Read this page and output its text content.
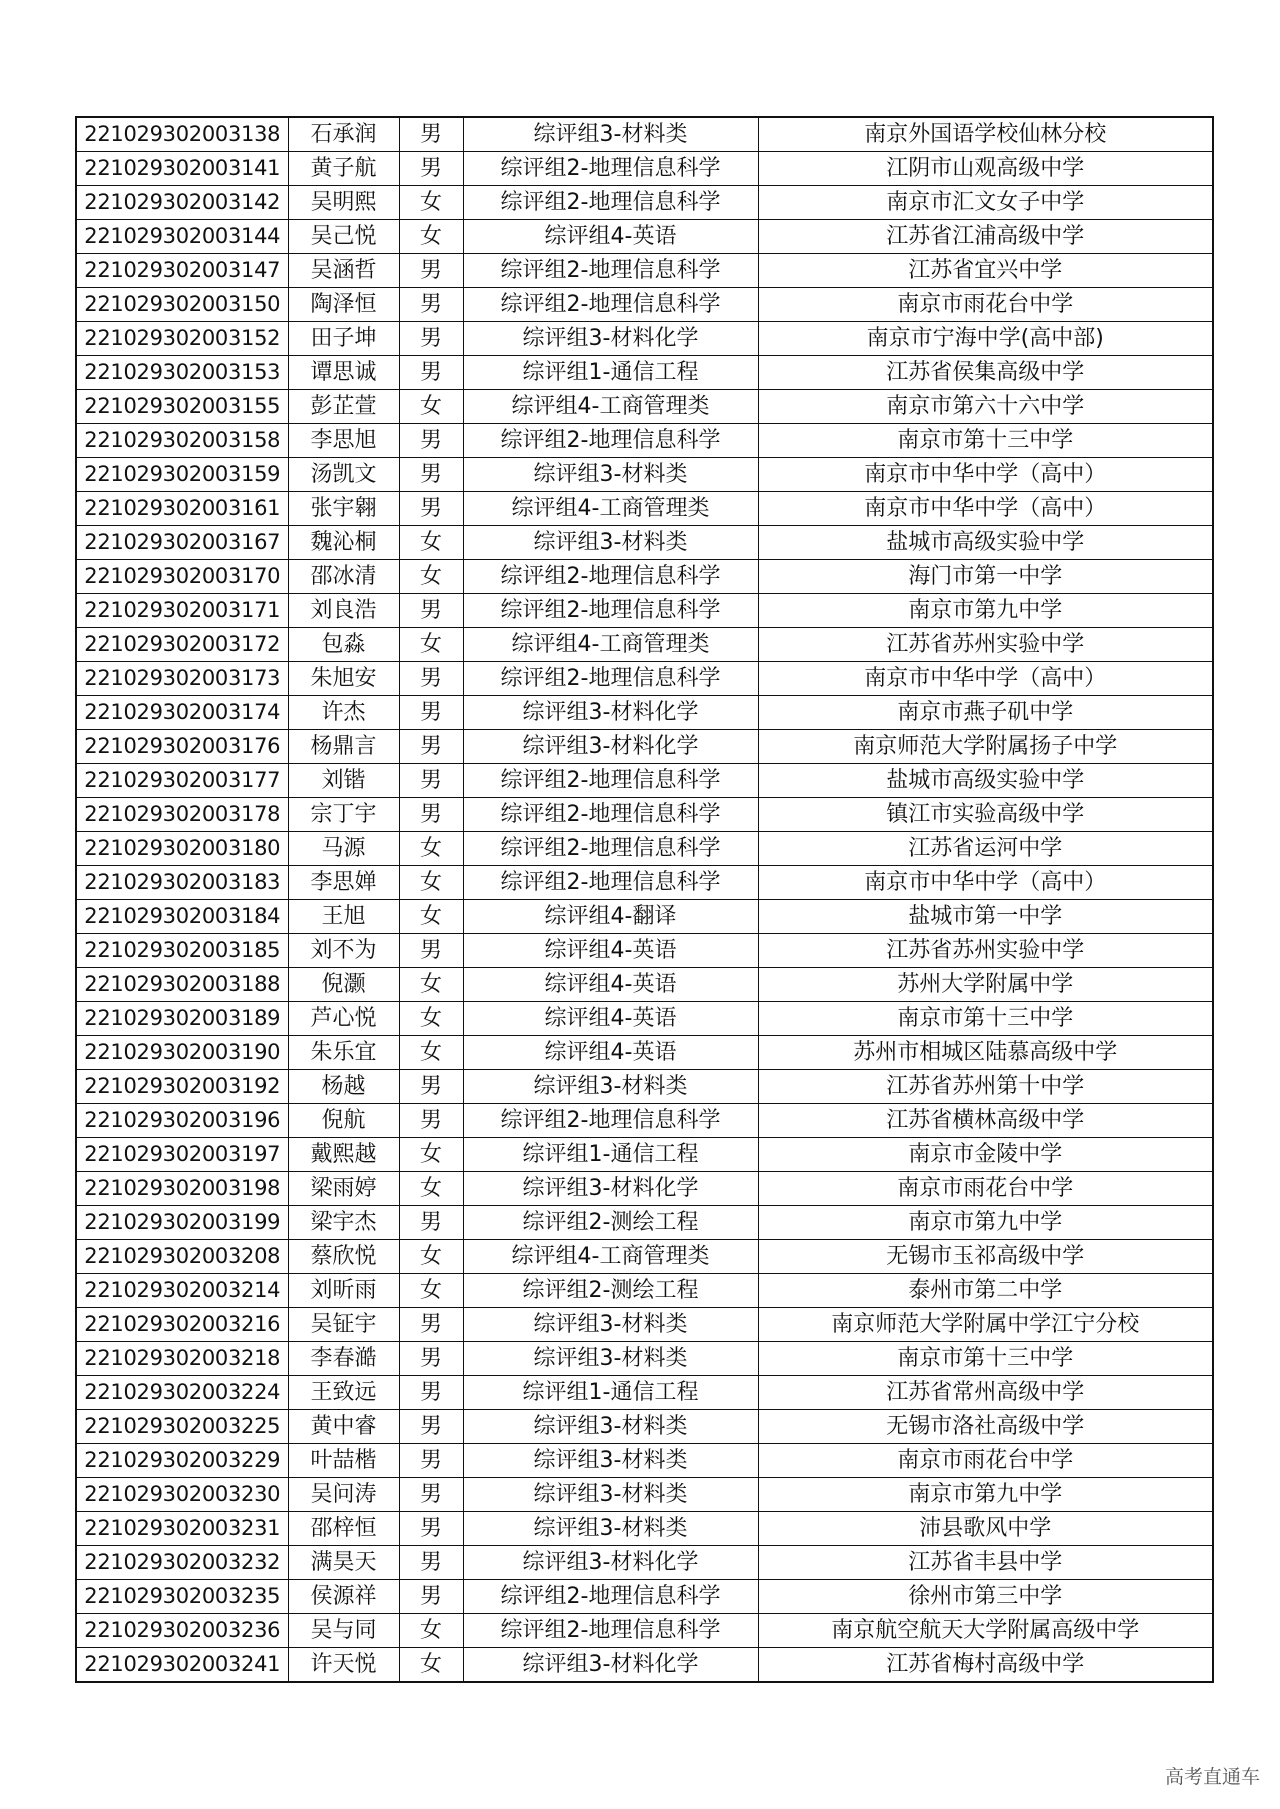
221029302003138	石承润	男	综评组3-材料类	南京外国语学校仙林分校
221029302003141	黄子航	男	综评组2-地理信息科学	江阴市山观高级中学
221029302003142	吴明熙	女	综评组2-地理信息科学	南京市汇文女子中学
221029302003144	吴己悦	女	综评组4-英语	江苏省江浦高级中学
221029302003147	吴涵哲	男	综评组2-地理信息科学	江苏省宜兴中学
221029302003150	陶泽恒	男	综评组2-地理信息科学	南京市雨花台中学
221029302003152	田子坤	男	综评组3-材料化学	南京市宁海中学(高中部)
221029302003153	谭思诚	男	综评组1-通信工程	江苏省侯集高级中学
221029302003155	彭芷萱	女	综评组4-工商管理类	南京市第六十六中学
221029302003158	李思旭	男	综评组2-地理信息科学	南京市第十三中学
221029302003159	汤凯文	男	综评组3-材料类	南京市中华中学（高中）
221029302003161	张宇翱	男	综评组4-工商管理类	南京市中华中学（高中）
221029302003167	魏沁桐	女	综评组3-材料类	盐城市高级实验中学
221029302003170	邵冰清	女	综评组2-地理信息科学	海门市第一中学
221029302003171	刘良浩	男	综评组2-地理信息科学	南京市第九中学
221029302003172	包淼	女	综评组4-工商管理类	江苏省苏州实验中学
221029302003173	朱旭安	男	综评组2-地理信息科学	南京市中华中学（高中）
221029302003174	许杰	男	综评组3-材料化学	南京市燕子矶中学
221029302003176	杨鼎言	男	综评组3-材料化学	南京师范大学附属扬子中学
221029302003177	刘锴	男	综评组2-地理信息科学	盐城市高级实验中学
221029302003178	宗丁宇	男	综评组2-地理信息科学	镇江市实验高级中学
221029302003180	马源	女	综评组2-地理信息科学	江苏省运河中学
221029302003183	李思婵	女	综评组2-地理信息科学	南京市中华中学（高中）
221029302003184	王旭	女	综评组4-翻译	盐城市第一中学
221029302003185	刘不为	男	综评组4-英语	江苏省苏州实验中学
221029302003188	倪灏	女	综评组4-英语	苏州大学附属中学
221029302003189	芦心悦	女	综评组4-英语	南京市第十三中学
221029302003190	朱乐宜	女	综评组4-英语	苏州市相城区陆慕高级中学
221029302003192	杨越	男	综评组3-材料类	江苏省苏州第十中学
221029302003196	倪航	男	综评组2-地理信息科学	江苏省横林高级中学
221029302003197	戴熙越	女	综评组1-通信工程	南京市金陵中学
221029302003198	梁雨婷	女	综评组3-材料化学	南京市雨花台中学
221029302003199	梁宇杰	男	综评组2-测绘工程	南京市第九中学
221029302003208	蔡欣悦	女	综评组4-工商管理类	无锡市玉祁高级中学
221029302003214	刘昕雨	女	综评组2-测绘工程	泰州市第二中学
221029302003216	吴钲宇	男	综评组3-材料类	南京师范大学附属中学江宁分校
221029302003218	李春澔	男	综评组3-材料类	南京市第十三中学
221029302003224	王致远	男	综评组1-通信工程	江苏省常州高级中学
221029302003225	黄中睿	男	综评组3-材料类	无锡市洛社高级中学
221029302003229	叶喆楷	男	综评组3-材料类	南京市雨花台中学
221029302003230	吴问涛	男	综评组3-材料类	南京市第九中学
221029302003231	邵梓恒	男	综评组3-材料类	沛县歌风中学
221029302003232	满昊天	男	综评组3-材料化学	江苏省丰县中学
221029302003235	侯源祥	男	综评组2-地理信息科学	徐州市第三中学
221029302003236	吴与同	女	综评组2-地理信息科学	南京航空航天大学附属高级中学
221029302003241	许天悦	女	综评组3-材料化学	江苏省梅村高级中学
高考直通车
